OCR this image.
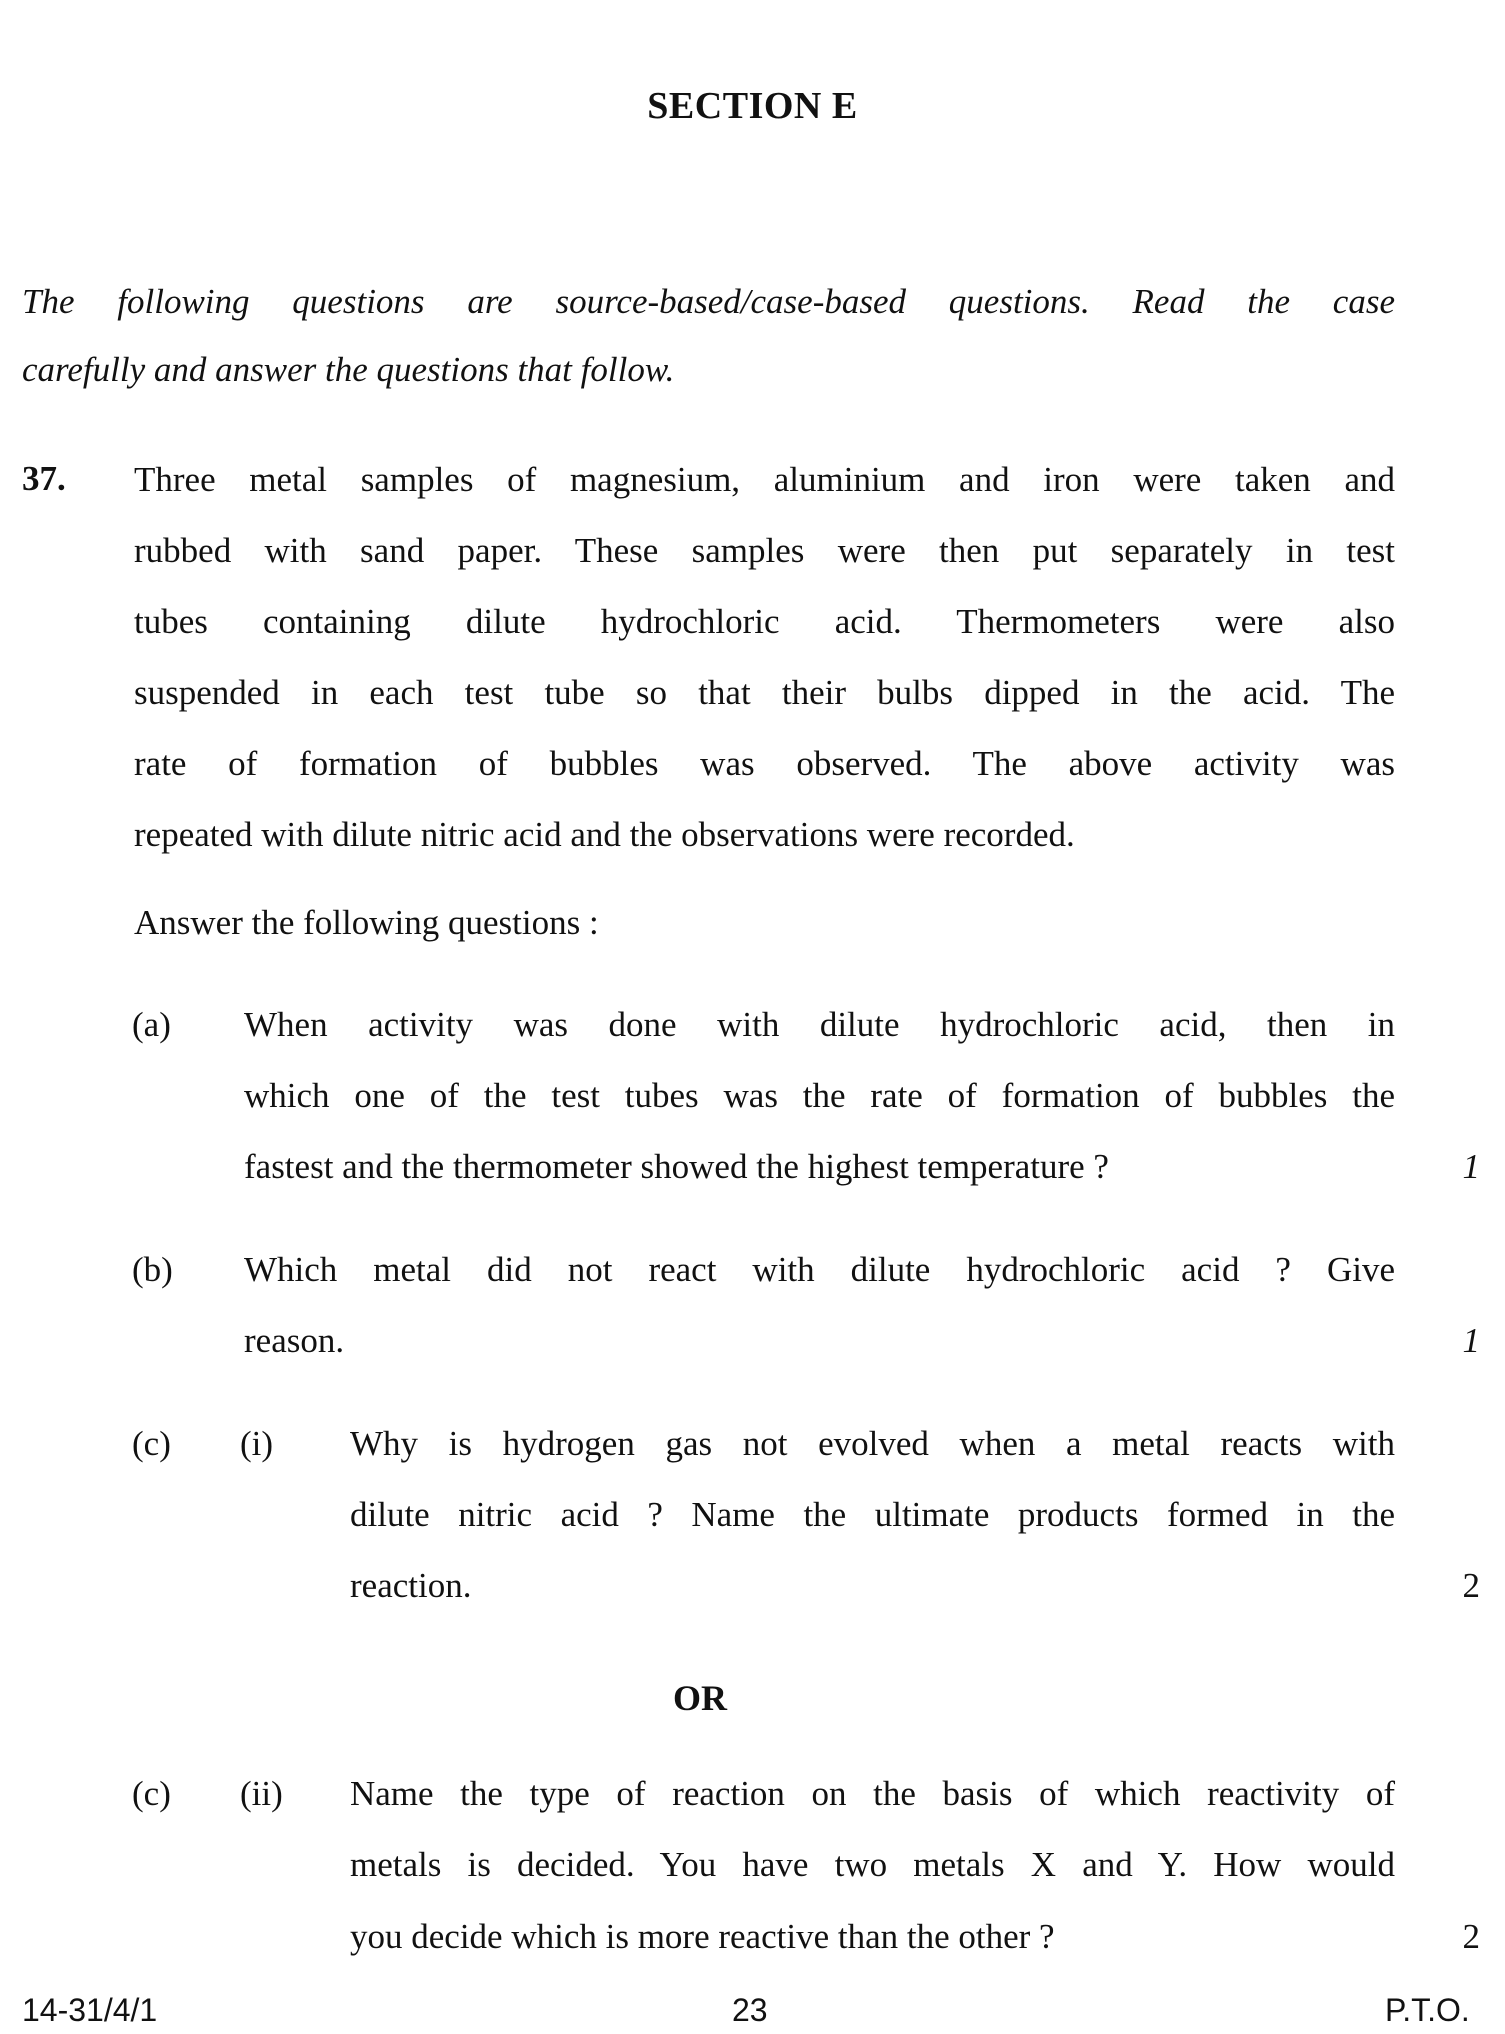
SECTION E
The following questions are source-based/case-based questions. Read the case
carefully and answer the questions that follow.
37. Three metal samples of magnesium, aluminium and iron were taken and
rubbed with sand paper. These samples were then put separately in test
tubes containing dilute hydrochloric acid. Thermometers were also
suspended in each test tube so that their bulbs dipped in the acid. The
rate of formation of bubbles was observed. The above activity was
repeated with dilute nitric acid and the observations were recorded.
Answer the following questions :
(a) When activity was done with dilute hydrochloric acid, then in
which one of the test tubes was the rate of formation of bubbles the
fastest and the thermometer showed the highest temperature ?	1
(b) Which metal did not react with dilute hydrochloric acid ? Give
reason.	1
(c) (i) Why is hydrogen gas not evolved when a metal reacts with
dilute nitric acid ? Name the ultimate products formed in the
reaction.	2
OR
(c) (ii) Name the type of reaction on the basis of which reactivity of
metals is decided. You have two metals X and Y. How would
you decide which is more reactive than the other ?	2
14-31/4/1	23	P.T.O.
